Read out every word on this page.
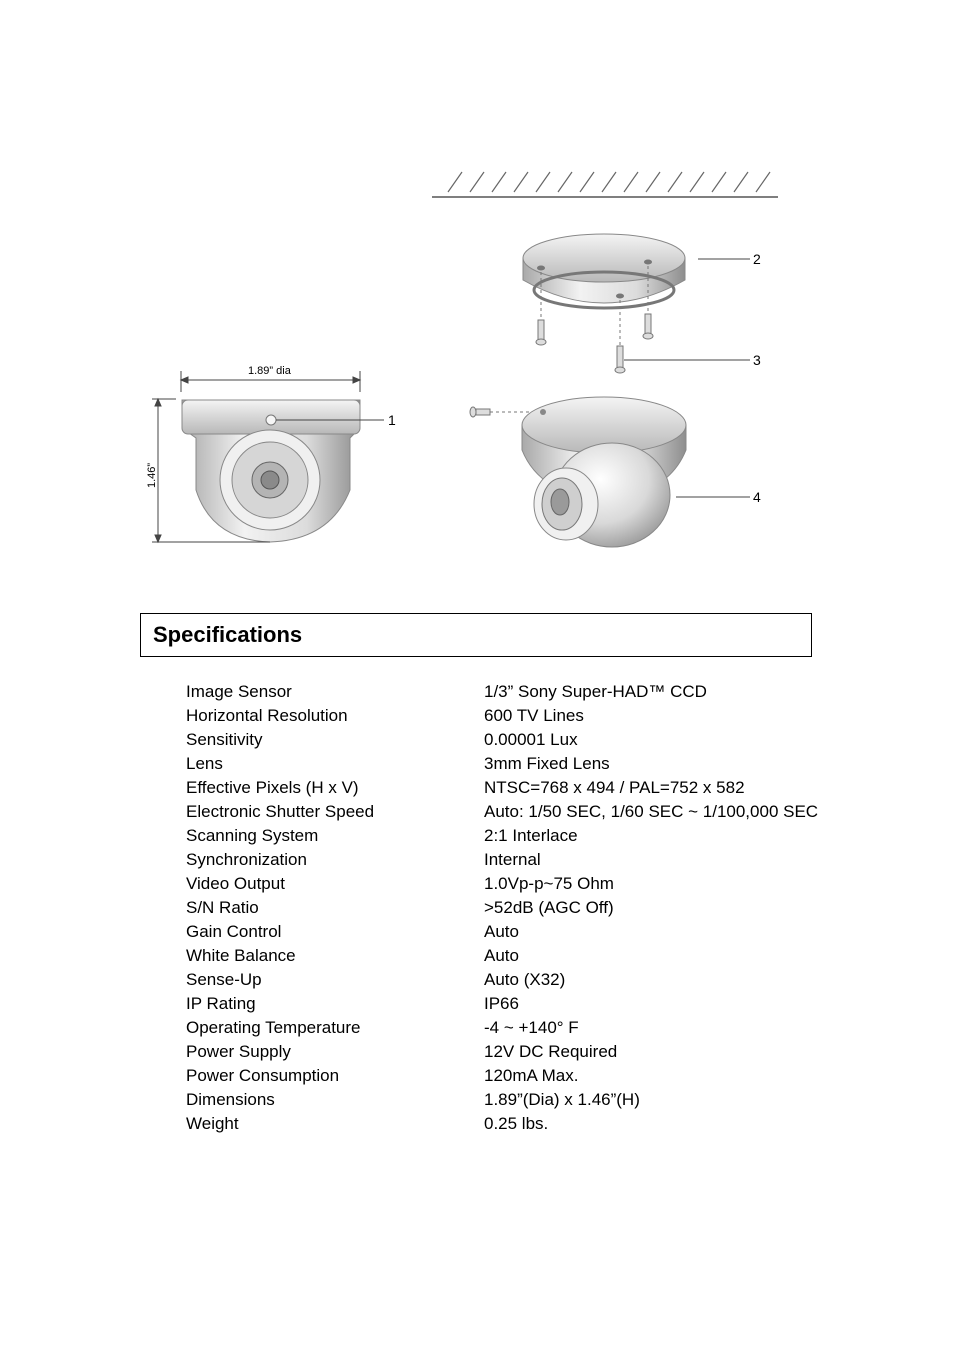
1.89” dia
1.46”
1
2
3
4
Specifications
Image Sensor	1/3” Sony Super-HAD™ CCD
Horizontal Resolution	600 TV Lines
Sensitivity	0.00001 Lux
Lens	3mm Fixed Lens
Effective Pixels (H x V)	NTSC=768 x 494 / PAL=752 x 582
Electronic Shutter Speed	Auto: 1/50 SEC, 1/60 SEC ~ 1/100,000 SEC
Scanning System	2:1 Interlace
Synchronization	Internal
Video Output	1.0Vp-p~75 Ohm
S/N Ratio	>52dB (AGC Off)
Gain Control	Auto
White Balance	Auto
Sense-Up	Auto (X32)
IP Rating	IP66
Operating Temperature	-4 ~ +140° F
Power Supply	12V DC Required
Power Consumption	120mA Max.
Dimensions	1.89”(Dia) x 1.46”(H)
Weight	0.25 lbs.
